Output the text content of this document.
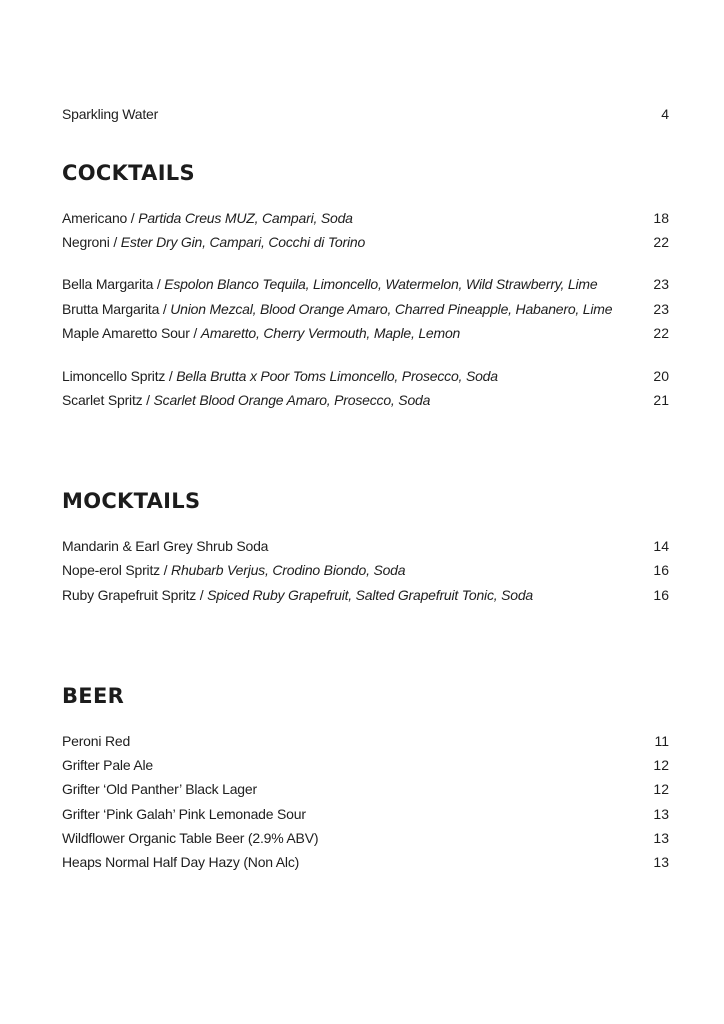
Sparkling Water	4
COCKTAILS
Americano / Partida Creus MUZ, Campari, Soda	18
Negroni / Ester Dry Gin, Campari, Cocchi di Torino	22
Bella Margarita / Espolon Blanco Tequila, Limoncello, Watermelon, Wild Strawberry, Lime	23
Brutta Margarita / Union Mezcal, Blood Orange Amaro, Charred Pineapple, Habanero, Lime	23
Maple Amaretto Sour / Amaretto, Cherry Vermouth, Maple, Lemon	22
Limoncello Spritz / Bella Brutta x Poor Toms Limoncello, Prosecco, Soda	20
Scarlet Spritz / Scarlet Blood Orange Amaro, Prosecco, Soda	21
MOCKTAILS
Mandarin & Earl Grey Shrub Soda	14
Nope-erol Spritz / Rhubarb Verjus, Crodino Biondo, Soda	16
Ruby Grapefruit Spritz / Spiced Ruby Grapefruit, Salted Grapefruit Tonic, Soda	16
BEER
Peroni Red	11
Grifter Pale Ale	12
Grifter ‘Old Panther’ Black Lager	12
Grifter ‘Pink Galah’ Pink Lemonade Sour	13
Wildflower Organic Table Beer (2.9% ABV)	13
Heaps Normal Half Day Hazy (Non Alc)	13
